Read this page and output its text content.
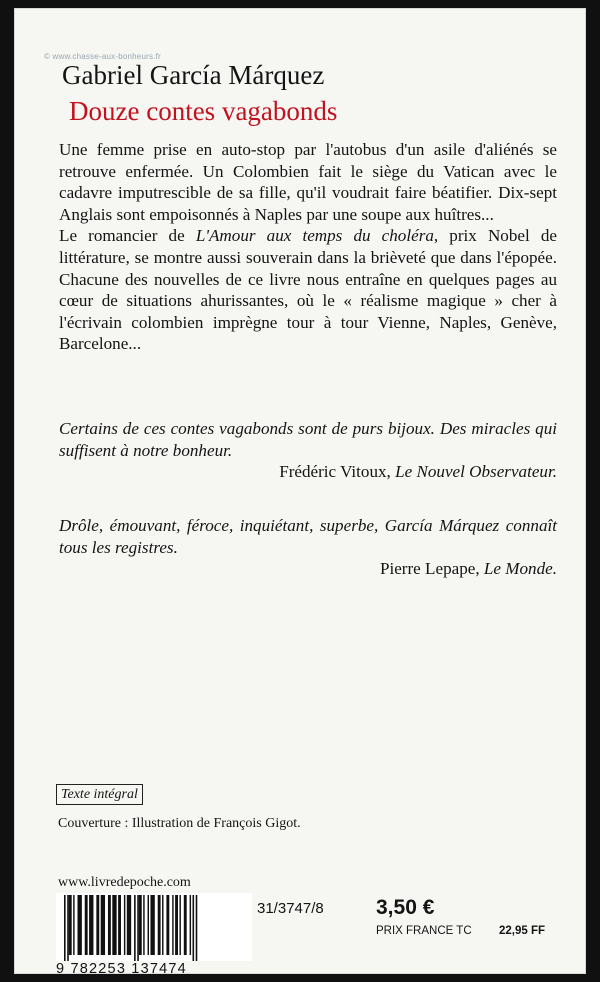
© www.chasse-aux-bonheurs.fr
Gabriel García Márquez
Douze contes vagabonds

Une femme prise en auto-stop par l'autobus d'un asile d'aliénés se retrouve enfermée. Un Colombien fait le siège du Vatican avec le cadavre imputrescible de sa fille, qu'il voudrait faire béatifier. Dix-sept Anglais sont empoisonnés à Naples par une soupe aux huîtres...

Le romancier de L'Amour aux temps du choléra, prix Nobel de littérature, se montre aussi souverain dans la brièveté que dans l'épopée. Chacune des nouvelles de ce livre nous entraîne en quelques pages au cœur de situations ahurissantes, où le « réalisme magique » cher à l'écrivain colombien imprègne tour à tour Vienne, Naples, Genève, Barcelone...

Certains de ces contes vagabonds sont de purs bijoux. Des miracles qui suffisent à notre bonheur.

Frédéric Vitoux, Le Nouvel Observateur.

Drôle, émouvant, féroce, inquiétant, superbe, García Márquez connaît tous les registres.

Pierre Lepape, Le Monde.

Texte intégral
Couverture : Illustration de François Gigot.
www.livredepoche.com
9 782253 137474
31/3747/8 3,50 €
PRIX FRANCE TC 22,95 FF
